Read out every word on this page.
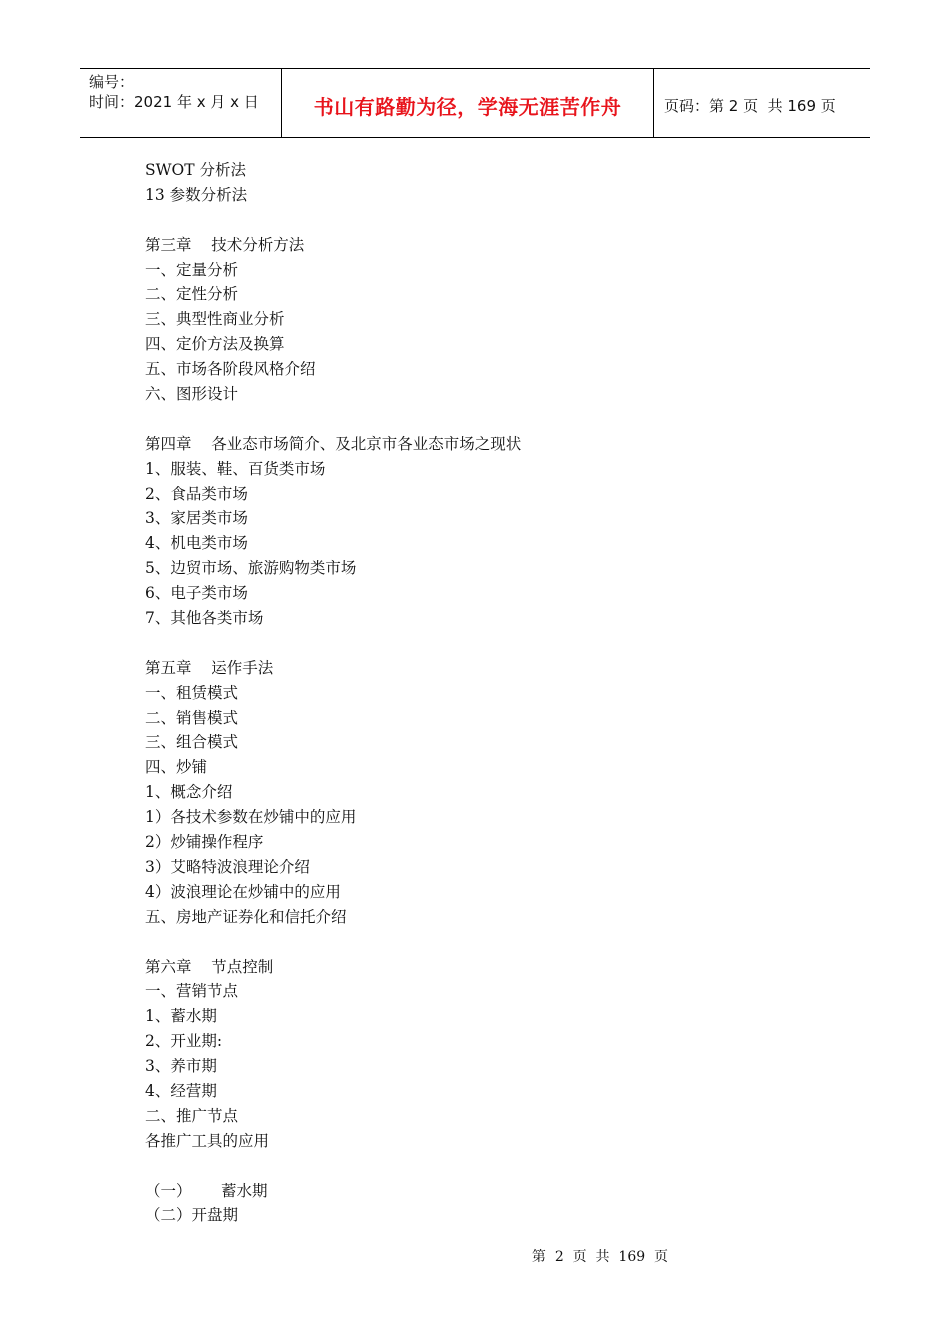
编号：
时间：2021 年 x 月 x 日	书山有路勤为径，学海无涯苦作舟	页码：第 2 页  共 169 页
SWOT 分析法
13 参数分析法
第三章    技术分析方法
一、定量分析
二、定性分析
三、典型性商业分析
四、定价方法及换算
五、市场各阶段风格介绍
六、图形设计
第四章    各业态市场简介、及北京市各业态市场之现状
1、服装、鞋、百货类市场
2、食品类市场
3、家居类市场
4、机电类市场
5、边贸市场、旅游购物类市场
6、电子类市场
7、其他各类市场
第五章    运作手法
一、租赁模式
二、销售模式
三、组合模式
四、炒铺
1、概念介绍
1）各技术参数在炒铺中的应用
2）炒铺操作程序
3）艾略特波浪理论介绍
4）波浪理论在炒铺中的应用
五、房地产证券化和信托介绍
第六章    节点控制
一、营销节点
1、蓄水期
2、开业期:
3、养市期
4、经营期
二、推广节点
各推广工具的应用
（一）      蓄水期
（二）开盘期
第  2  页  共  169  页
